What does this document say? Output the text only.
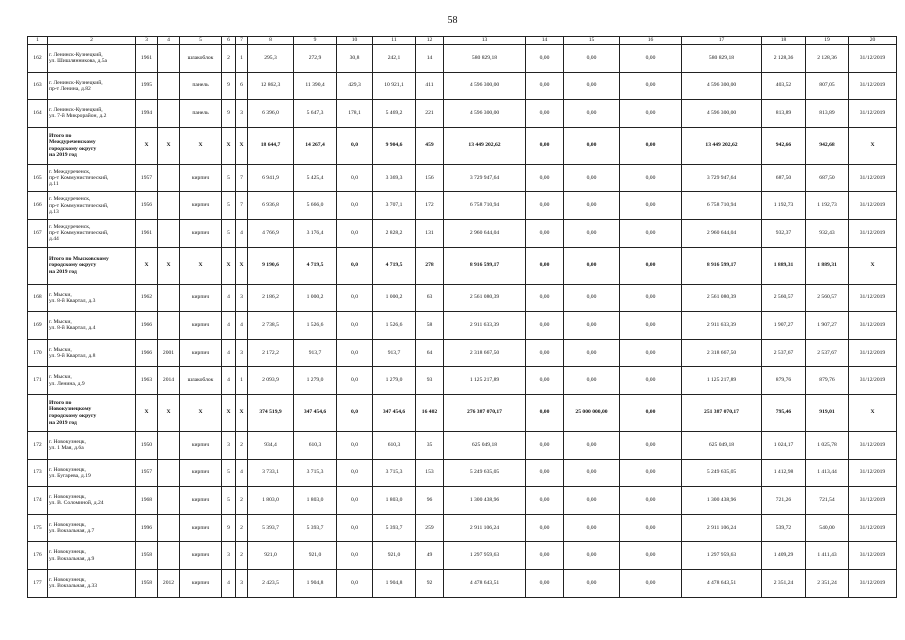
58
1	2	3	4	5	6	7	8	9	10	11	12	13	14	15	16	17	18	19	20
162	г. Ленинск-Кузнецкий,
ул. Шишлянникова, д.5а	1961		шлакоблок	2	1	295,3	272,9	30,8	242,1	14	580 829,18	0,00	0,00	0,00	580 829,18	2 128,36	2 128,36	31/12/2019
163	г. Ленинск-Кузнецкий,
пр-т Ленина, д.82	1995		панель	9	6	12 862,3	11 390,4	429,3	10 921,1	411	4 596 300,00	0,00	0,00	0,00	4 596 300,00	403,52	807,05	31/12/2019
164	г. Ленинск-Кузнецкий,
ул. 7-й Микрорайон, д.2	1994		панель	9	3	6 396,0	5 647,3	178,1	5 469,2	221	4 596 300,00	0,00	0,00	0,00	4 596 300,00	813,89	813,89	31/12/2019
	Итого по
Междуреченскому
городскому округу
на 2019 год	X	X	X	X	X	18 644,7	14 267,4	0,0	9 904,6	459	13 449 202,62	0,00	0,00	0,00	13 449 202,62	942,66	942,68	X
165	г. Междуреченск,
пр-т Коммунистический,
д.11	1957		кирпич	5	7	6 941,9	5 425,4	0,0	3 369,3	156	3 729 947,64	0,00	0,00	0,00	3 729 947,64	687,50	687,50	31/12/2019
166	г. Междуреченск,
пр-т Коммунистический,
д.13	1956		кирпич	5	7	6 936,8	5 666,0	0,0	3 707,1	172	6 758 710,94	0,00	0,00	0,00	6 758 710,94	1 192,73	1 192,73	31/12/2019
167	г. Междуреченск,
пр-т Коммунистический,
д.44	1961		кирпич	5	4	4 766,9	3 176,4	0,0	2 828,2	131	2 960 644,04	0,00	0,00	0,00	2 960 644,04	932,37	932,43	31/12/2019
	Итого по Мысковскому
городскому округу
на 2019 год	X	X	X	X	X	9 190,6	4 719,5	0,0	4 719,5	278	8 916 599,17	0,00	0,00	0,00	8 916 599,17	1 889,31	1 889,31	X
168	г. Мыски,
ул. 8-й Квартал, д.3	1962		кирпич	4	3	2 186,2	1 000,2	0,0	1 000,2	63	2 561 080,39	0,00	0,00	0,00	2 561 080,39	2 560,57	2 560,57	31/12/2019
169	г. Мыски,
ул. 8-й Квартал, д.4	1966		кирпич	4	4	2 738,5	1 526,6	0,0	1 526,6	58	2 911 633,39	0,00	0,00	0,00	2 911 633,39	1 907,27	1 907,27	31/12/2019
170	г. Мыски,
ул. 9-й Квартал, д.8	1966	2001	кирпич	4	3	2 172,2	913,7	0,0	913,7	64	2 318 667,50	0,00	0,00	0,00	2 318 667,50	2 537,67	2 537,67	31/12/2019
171	г. Мыски,
ул. Ленина, д.9	1963	2014	шлакоблок	4	1	2 093,9	1 279,0	0,0	1 279,0	93	1 125 217,89	0,00	0,00	0,00	1 125 217,89	879,76	879,76	31/12/2019
	Итого по
Новокузнецкому
городскому округу
на 2019 год	X	X	X	X	X	374 519,9	347 454,6	0,0	347 454,6	16 402	276 387 070,17	0,00	25 000 000,00	0,00	251 387 070,17	795,46	919,01	X
172	г. Новокузнецк,
ул. 1 Мая, д.6а	1950		кирпич	3	2	934,4	610,3	0,0	610,3	35	625 049,18	0,00	0,00	0,00	625 049,18	1 024,17	1 025,78	31/12/2019
173	г. Новокузнецк,
ул. Бугарева, д.19	1957		кирпич	5	4	3 733,1	3 715,3	0,0	3 715,3	153	5 249 635,05	0,00	0,00	0,00	5 249 635,05	1 412,98	1 413,44	31/12/2019
174	г. Новокузнецк,
ул. В. Соломиной, д.24	1968		кирпич	5	2	1 803,0	1 803,0	0,0	1 803,0	96	1 300 438,96	0,00	0,00	0,00	1 300 438,96	721,26	721,54	31/12/2019
175	г. Новокузнецк,
ул. Вокзальная, д.7	1996		кирпич	9	2	5 393,7	5 393,7	0,0	5 393,7	259	2 911 106,24	0,00	0,00	0,00	2 911 106,24	539,72	540,00	31/12/2019
176	г. Новокузнецк,
ул. Вокзальная, д.9	1958		кирпич	3	2	921,0	921,0	0,0	921,0	49	1 297 959,63	0,00	0,00	0,00	1 297 959,63	1 409,29	1 411,43	31/12/2019
177	г. Новокузнецк,
ул. Вокзальная, д.33	1958	2012	кирпич	4	3	2 423,5	1 904,8	0,0	1 904,8	92	4 478 643,51	0,00	0,00	0,00	4 478 643,51	2 351,24	2 351,24	31/12/2019
